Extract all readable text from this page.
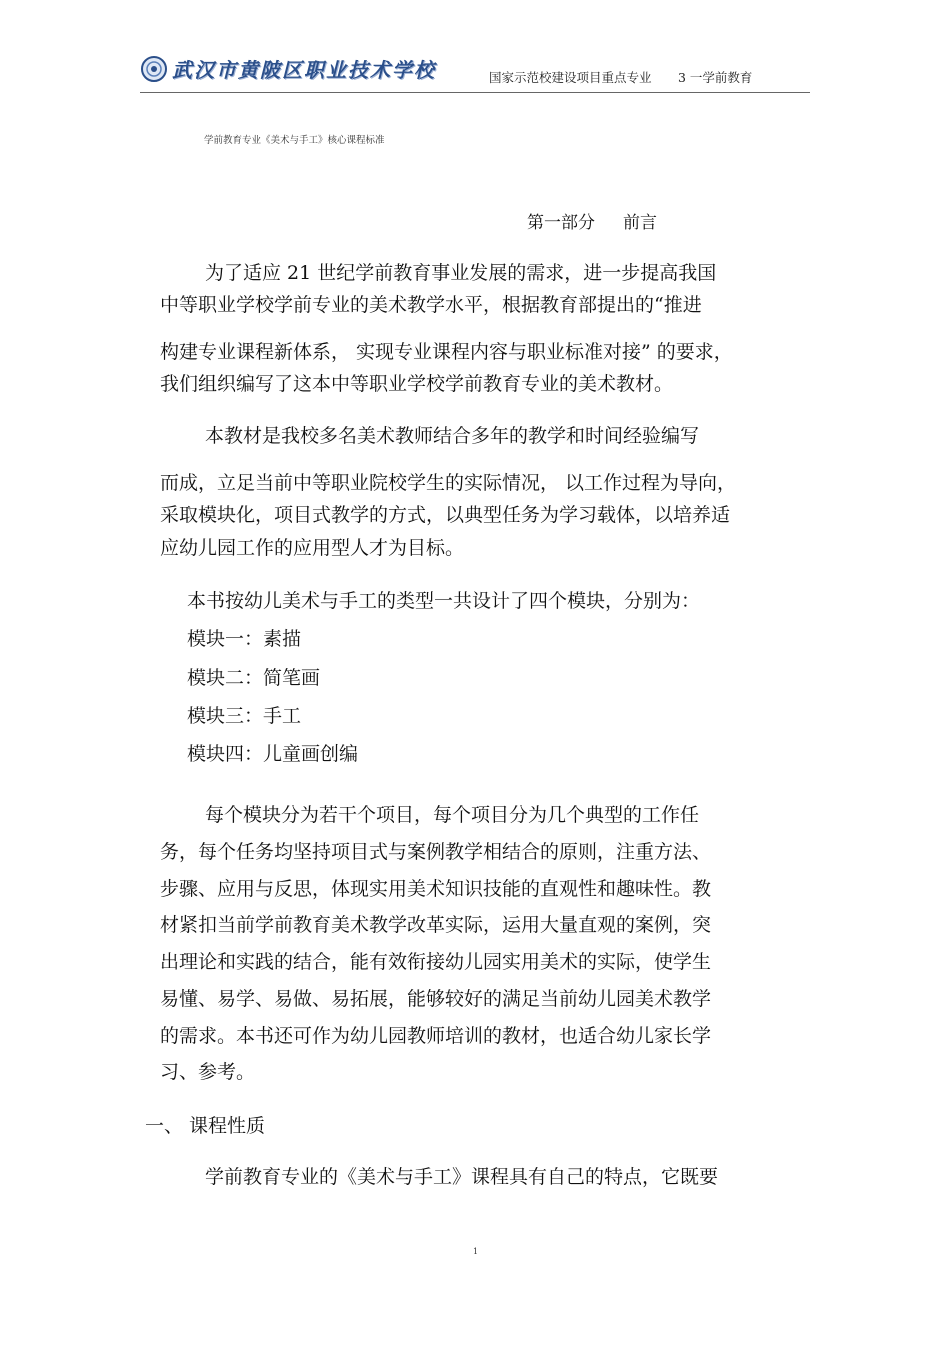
武汉市黄陂区职业技术学校	国家示范校建设项目重点专业 3 一学前教育
学前教育专业《美术与手工》核心课程标准
第一部分 前言
为了适应 21 世纪学前教育事业发展的需求，进一步提高我国
中等职业学校学前专业的美术教学水平，根据教育部提出的“推进
构建专业课程新体系， 实现专业课程内容与职业标准对接” 的要求，
我们组织编写了这本中等职业学校学前教育专业的美术教材。
本教材是我校多名美术教师结合多年的教学和时间经验编写
而成，立足当前中等职业院校学生的实际情况， 以工作过程为导向，
采取模块化，项目式教学的方式，以典型任务为学习载体，以培养适
应幼儿园工作的应用型人才为目标。
本书按幼儿美术与手工的类型一共设计了四个模块，分别为：
模块一：素描
模块二：简笔画
模块三：手工
模块四：儿童画创编
每个模块分为若干个项目，每个项目分为几个典型的工作任
务，每个任务均坚持项目式与案例教学相结合的原则，注重方法、
步骤、应用与反思，体现实用美术知识技能的直观性和趣味性。教
材紧扣当前学前教育美术教学改革实际，运用大量直观的案例，突
出理论和实践的结合，能有效衔接幼儿园实用美术的实际，使学生
易懂、易学、易做、易拓展，能够较好的满足当前幼儿园美术教学
的需求。本书还可作为幼儿园教师培训的教材，也适合幼儿家长学
习、参考。
一、 课程性质
学前教育专业的《美术与手工》课程具有自己的特点，它既要
1
